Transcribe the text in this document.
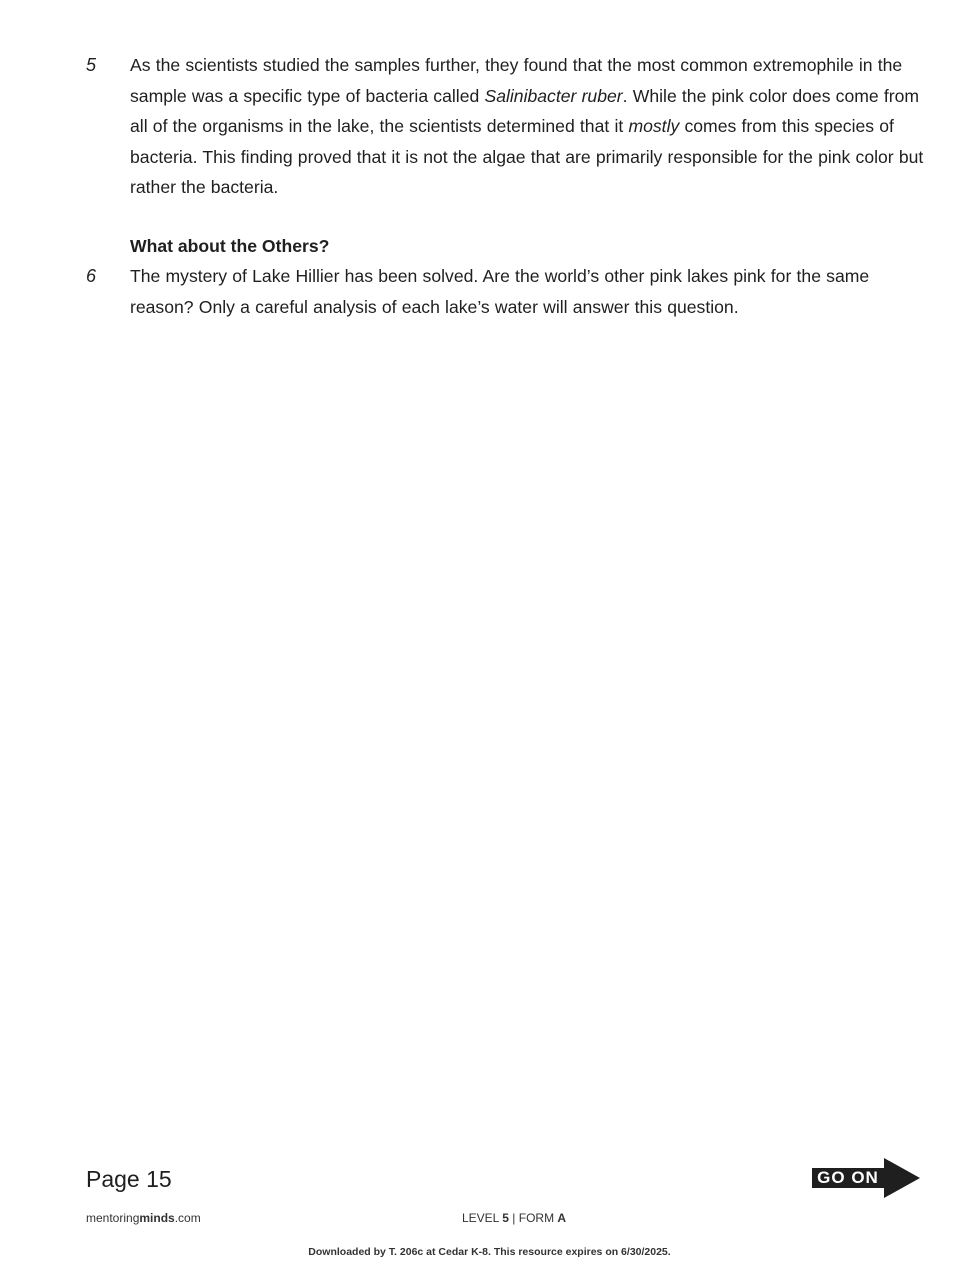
5 As the scientists studied the samples further, they found that the most common extremophile in the sample was a specific type of bacteria called Salinibacter ruber. While the pink color does come from all of the organisms in the lake, the scientists determined that it mostly comes from this species of bacteria. This finding proved that it is not the algae that are primarily responsible for the pink color but rather the bacteria.
What about the Others?
6 The mystery of Lake Hillier has been solved. Are the world’s other pink lakes pink for the same reason? Only a careful analysis of each lake’s water will answer this question.
Page 15	GO ON
mentoringminds.com	LEVEL 5 | FORM A
Downloaded by T. 206c at Cedar K-8. This resource expires on 6/30/2025.
